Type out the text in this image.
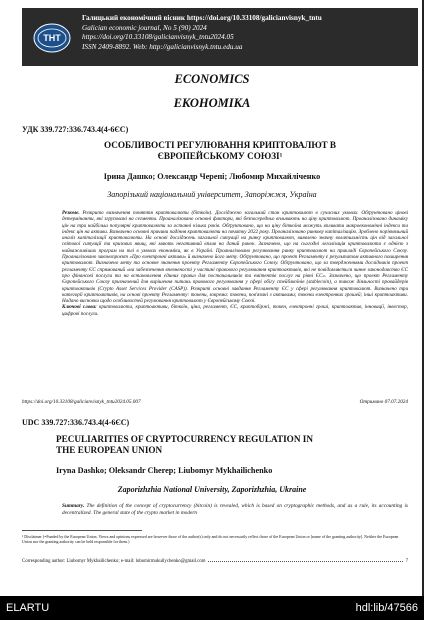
ТНТ
Галицький економічний вісник https://doi.org/10.33108/galicianvisnyk_tntu
Galician economic journal, No 5 (90) 2024
https://doi.org/10.33108/galicianvisnyk_tntu2024.05
ISSN 2409-8892. Web: http://galicianvisnyk.tntu.edu.ua
ECONOMICS
ЕКОНОМІКА
УДК 339.727:336.743.4(4-6ЄС)
ОСОБЛИВОСТІ РЕГУЛЮВАННЯ КРИПТОВАЛЮТ В ЄВРОПЕЙСЬКОМУ СОЮЗІ¹
Ірина Дашко; Олександр Черепі; Любомир Михайліченко
Запорізький національний університет, Запоріжжя, Україна
Резюме. Розкрито визначення поняття криптовалюти (біткоїн). Досліджено загальний стан криптовалют в сучасних умовах. Обґрунтовано цінові детермінанти, які згруповані на сегменти. Проаналізовано основні фактори, які безпосередньо впливають на ціну криптовалют. Проаналізовано динаміку цін на три найбільш популярні криптовалюти за останні кілька років. Обґрунтовано, що на ціну біткоїна можуть впливати макроекономічні індекси та індекс цін на активи. Визначено основні причини падіння криптовалюти на початку 2022 року. Проаналізовано ринкову капіталізацію. Зроблено порівняльний аналіз капіталізації криптовалюти. На основі досліджень загальної ситуації на ринку криптовалют, виявлено значну волатильність цін від загальної світової ситуації та кризових явищ, які мають негативний вплив на даний ринок. Зазначено, що на сьогодні легалізація криптовалюти є однією з найважливіших програм на тлі в умовах економіки, як в Україні. Проаналізовано регулювання ринку криптовалют на прикладі Європейського Союзу. Проаналізовано законопроєкт «Про електронні активи» й визначено його мету. Обґрунтовано, що проект Регламенту є результатом активного поширення криптовалют. Визначено мету та основне значення проекту Регламенту Європейського Союзу. Обґрунтовано, що за твердженнями дослідників проект регламенту ЄС спрямований «на забезпечення впевненості у частині правового регулювання криптоактивів, які не повідомляється чинне законодавство ЄС про фінансові послуги та на встановлення єдиних правил для постачальників та емітентів послуг на рівні ЄС». Зазначено, що проект Регламенту Європейського Союзу призначений для вирішення питань правового регулювання у сфері обігу стейблкоїнів (stablecoin), а також діяльності провайдерів криптоактивів (Crypto Asset Services Provider (CASP)). Розкриті основні завдання Регламенту ЄС у сфері регулювання криптовалют. Визначено три категорії криптоактивів, на основі проекту Регламенту: токени, зокрема: токени, пов'язані з активами; токени електронних грошей; інші криптоактиви. Надано висновки щодо особливостей регулювання криптовалют у Європейському Союзі.
Ключові слова: криптовалюта, криптоактиви, біткоїн, ціна, регламент, ЄС, криптобіржі, токен, електронні гроші, криптоактив, інновації, інвестор, цифрові послуги.
https://doi.org/10.33108/galicianvisnyk_tntu2024.05.007	Отримано 07.07.2024
UDC 339.727:336.743.4(4-6ЄС)
PECULIARITIES OF CRYPTOCURRENCY REGULATION IN THE EUROPEAN UNION
Iryna Dashko; Oleksandr Cherep; Liubomyr Mykhailichenko
Zaporizhzhia National University, Zaporizhzhia, Ukraine
Summary. The definition of the concept of cryptocurrency (bitcoin) is revealed, which is based on cryptographic methods, and as a rule, its accounting is decentralized. The general state of the crypto market in modern
¹ Disclaimer (=Funded by the European Union. Views and opinions expressed are however those of the author(s) only and do not necessarily reflect those of the European Union or [name of the granting authority]. Neither the European Union nor the granting authority can be held responsible for them.)
Corresponding author: Liubomyr Mykhailichenko; e-mail: lubomirmukuilychenko@gmail.com	7
ELARTU	hdl:lib/47566
